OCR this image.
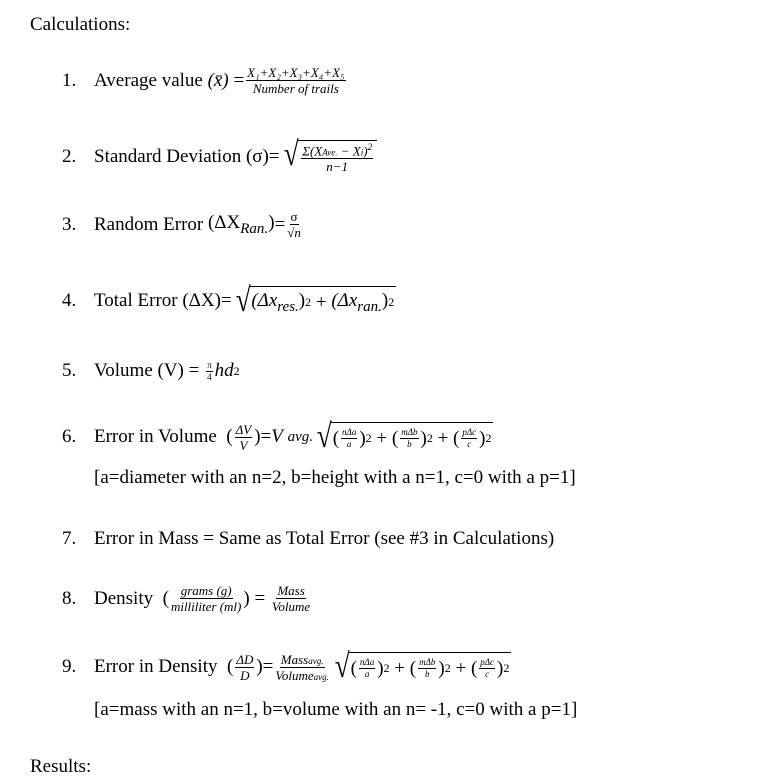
Calculations:
1. Average value
(x̄)
= $\frac{\text{X₁+X₂+X₃+X₄+X₅}}{\text{Number of trails}}$
2. Standard Deviation
(σ) = √ $\frac{\Sigma(XAve. - Xi)^2}{n-1}$
3. Random Error
$(\Delta X_{Ran.}) = \frac{\sigma}{√n}$
4. Total Error
(ΔX) = √ $(\Delta x_{res.})$ 2
+
$(\Delta x_{ran.})$ 2
5. Volume (V)
=
$\frac{\pi}{4}$ hd 2
6. Error in Volume ( $\frac{\Delta V}{V}$ ) = V
avg. √ ( $\frac{\text{nΔa}}{a}$ ) 2
+ ( $\frac{\text{mΔb}}{b}$ ) 2
+ ( $\frac{\text{pΔc}}{c}$ ) 2
[a=diameter with an n=2, b=height with a n=1, c=0 with a p=1]
7. Error in Mass = Same as Total Error (see #3 in Calculations)
8. Density ( $\frac{\text{grams (g)}}{\text{milliliter (ml)}}$ ) =
$\frac{\text{Mass}}{\text{Volume}}$
9. Error in Density ( $\frac{\Delta D}{D}$ ) = $\frac{\text{Massavg.}}{\text{Volumeavg.}}$ √ ( $\frac{\text{nΔa}}{a}$ ) 2
+ ( $\frac{\text{mΔb}}{b}$ ) 2
+ ( $\frac{\text{pΔc}}{c}$ ) 2
[a=mass with an n=1, b=volume with an n= -1, c=0 with a p=1]
Results:
